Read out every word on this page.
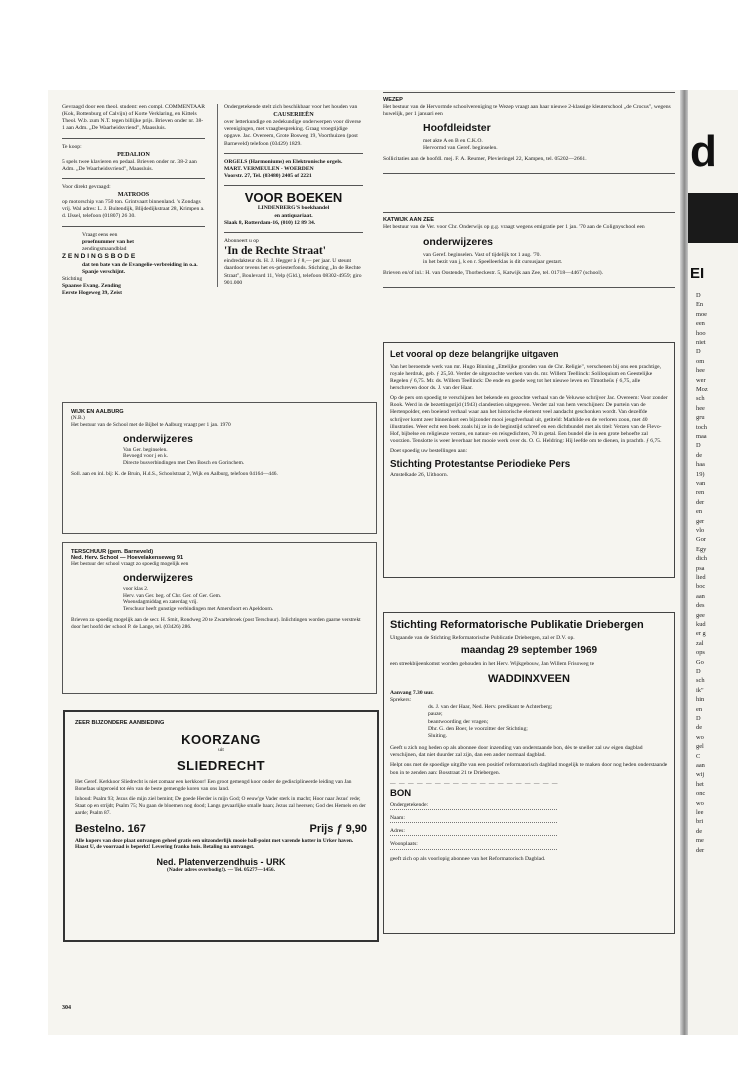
Gevraagd door een theol. student: een compl. COMMENTAAR (Kok, Bottenburg of Calvijn) of Korte Verklaring, en Kittels Theol. W.b. zum N.T. tegen billijke prijs. Brieven onder nr. 38-1 aan Adm. „De Waarheidsvriend", Maassluis.
Te koop:
PEDALION
5 spels twee klavieren en pedaal. Brieven onder nr. 38-2 aan Adm. „De Waarheidsvriend", Maassluis.
Voor direkt gevraagd:
MATROOS
op motorschip van 750 ton. Grintvaart binnenland. 's Zondags vrij. Wal adres: L. J. Buitendijk, Blijdedijkstraat 28, Krimpen a. d. IJssel, telefoon (01807) 26 30.
Vraagt eens een
proefnummer van het
zendingsmaandblad
Z E N D I N G S B O D E
dat ten bate van de Evangelie-verbreiding in o.a. Spanje verschijnt.
Stichting
Spaanse Evang. Zending
Eerste Hogeweg 39, Zeist
Ondergetekende stelt zich beschikbaar voor het houden van
CAUSERIEËN
over letterkundige en zedekundige onderwerpen voor diverse verenigingen, met vraagbespreking. Graag vroegtijdige opgave. Jac. Overeem, Grote Bosweg 19, Voorthuizen (post Barneveld) telefoon (03429) 1829.
ORGELS (Harmoniums) en Elektronische orgels.
MART. VERMEULEN - WOERDEN
Voorstr. 27, Tel. (03480) 2405 of 2221
VOOR BOEKEN
LINDENBERG'S boekhandel
en antiquariaat.
Slaak 8, Rotterdam-16, (010) 12 89 34.
Abonneert u op
'In de Rechte Straat'
eindredakteur ds. H. J. Hegger à ƒ 8,— per jaar. U steunt daardoor tevens het ex-priesterfonds. Stichting „In de Rechte Straat", Boulevard 11, Velp (Gld.), telefoon 08302-4959; giro 901.000
WIJK EN AALBURG
(N.B.)
Het bestuur van de School met de Bijbel te Aalburg vraagt per 1 jan. 1970
onderwijzeres
Van Ger. beginselen.
Bevoegd voor j en k.
Directe busverbindingen met Den Bosch en Gorinchem.
Soll. aan en inl. bij: K. de Bruin, H.d.S., Schoolstraat 2, Wijk en Aalburg, telefoon 04164—446.
TERSCHUUR (gem. Barneveld)
Ned. Herv. School — Hoevelakenseweg 91
Het bestuur der school vraagt zo spoedig mogelijk een
onderwijzeres
voor klas 2.
Herv. van Ger. beg. of Chr. Ger. of Ger. Gem.
Woensdagmiddag en zaterdag vrij.
Terschuur heeft gunstige verbindingen met Amersfoort en Apeldoorn.
Brieven zo spoedig mogelijk aan de secr. H. Smit, Rondweg 20 te Zwartebroek (post Terschuur). Inlichtingen worden gaarne verstrekt door het hoofd der school P. de Lange, tel. (03426) 286.
ZEER BIJZONDERE AANBIEDING
KOORZANG
uit
SLIEDRECHT
Het Geref. Kerkkoor Sliedrecht is niet zomaar een kerkkoor! Een groot gemengd koor onder de gedisciplineerde leiding van Jan Bonefaas uitgeroeid tot één van de beste gemengde koren van ons land.
Inhoud: Psalm 93; Jezus die mijn ziel bemint; De goede Herder is mijn God; O eeuw'ge Vader sterk in macht; Hoor naar Jezus' rede; Staat op en strijdt; Psalm 75; Nu gaan de bloemen nog dood; Langs gevaarlijke smalle baan; Jezus zal heersen; God des Hemels en der aarde; Psalm 87.
Bestelno. 167	Prijs ƒ 9,90
Alle kopers van deze plaat ontvangen geheel gratis een uitzonderlijk mooie ball-point met varende kotter in Urker haven. Haast U, de voorraad is beperkt! Levering franko huis. Betaling na ontvangst.
Ned. Platenverzendhuis - URK
(Nader adres overbodig!). — Tel. 05277—1456.
WEZEP
Het bestuur van de Hervormde schoolvereniging te Wezep vraagt aan haar nieuwe 2-klassige kleuterschool „de Crocus", wegens huwelijk, per 1 januari een
Hoofdleidster
met akte A en B en C.K.O.
Hervormd van Geref. beginselen.
Sollicitaties aan de hoofdl. mej. F. A. Reumer, Plevieringel 22, Kampen, tel. 05202—2661.
KATWIJK AAN ZEE
Het bestuur van de Ver. voor Chr. Onderwijs op g.g. vraagt wegens emigratie per 1 jan. '70 aan de Colignyschool een
onderwijzeres
van Geref. beginselen. Vast of tijdelijk tot 1 aug. '70.
in het bezit van j, k en r. Speelleerklas is dit cursusjaar gestart.
Brieven en/of inl.: H. van Oostende, Thorbeckestr. 5, Katwijk aan Zee, tel. 01718—4467 (school).
Let vooral op deze belangrijke uitgaven
Van het beroemde werk van mr. Hugo Binning „Ettelijke gronden van de Chr. Religie", verschenen bij ons een prachtige, royale herdruk, geb. ƒ 25,50. Verder de uitgezochte werken van ds. mr. Willem Teellinck: Soliloquium en Geestelijke Regelen ƒ 6,75. Mr. ds. Willem Teellinck: De ende en goede weg tot het nieuwe leven en Timotheüs ƒ 6,75, alle herschreven door ds. J. van der Haar.
Op de pers om spoedig te verschijnen het bekende en gezochte verhaal van de Veluwse schrijver Jac. Overeem: Voor zonder Rook. Werd in de bezettingstijd (1943) clandestien uitgegeven. Verder zal van hem verschijnen: De purtein van de Hertenpolder, een boeiend verhaal waar aan het historische element veel aandacht geschonken wordt. Van dezelfde schrijver komt zeer binnenkort een bijzonder mooi jeugdverhaal uit, getiteld: Mathilde en de verloren zoon, met 40 illustraties. Weer echt een boek zoals hij ze in de beginstijd schreef en een dichtbundel met als titel: Verzen van de Flevo-Hof, bijbelse en religieuze verzen, en natuur- en reisgedichten, 70 in getal. Een bundel die in een grote behoefte zal voorzien. Tenslotte is weer leverbaar het mooie werk over ds. O. G. Heldring: Hij leefde om te dienen, in prachtb. ƒ 6,75.
Doet spoedig uw bestellingen aan:
Stichting Protestantse Periodieke Pers
Amstelkade 26, Uithoorn.
Stichting Reformatorische Publikatie Driebergen
Uitgaande van de Stichting Reformatorische Publicatie Driebergen, zal er D.V. op.
maandag 29 september 1969
een streekbijeenkomst worden gehouden in het Herv. Wijkgebouw, Jan Willem Frisoweg te
WADDINXVEEN
Aanvang 7.30 uur.
Sprekers:
ds. J. van der Haar, Ned. Herv. predikant te Achterberg;
pauze;
beantwoording der vragen;
Dhr. G. den Boer, le voorzitter der Stichting;
Sluiting.
Geeft u zich nog heden op als abonnee door inzending van onderstaande bon, dès te sneller zal uw eigen dagblad verschijnen, dat niet duurder zal zijn, dan een ander normaal dagblad.
Helpt ons met de spoedige uitgifte van een positief reformatorisch dagblad mogelijk te maken door nog heden onderstaande bon in te zenden aan: Bosstraat 21 te Driebergen.
— — — — — — — — — — — — — — — — — — —
BON
Ondergetekende:
Naam:
Adres:
Woonplaats:
geeft zich op als voorlopig abonnee van het Reformatorisch Dagblad.
304
d
EI
D
En
moe
een
hoo
niet
D
om
hee
wer
Moz
sch
hee
gru
toch
maa
D
de
haa
19)
van
ren
der
en
ger
vlo
Gor
Egy
dich
psa
lied
boc
aan
des
gee
kud
er g
zal
ops
Go
D
sch
ik"
hin
en
D
de
wo
gel
C
aan
wij
het
onc
wo
lee
bri
de
me
der
